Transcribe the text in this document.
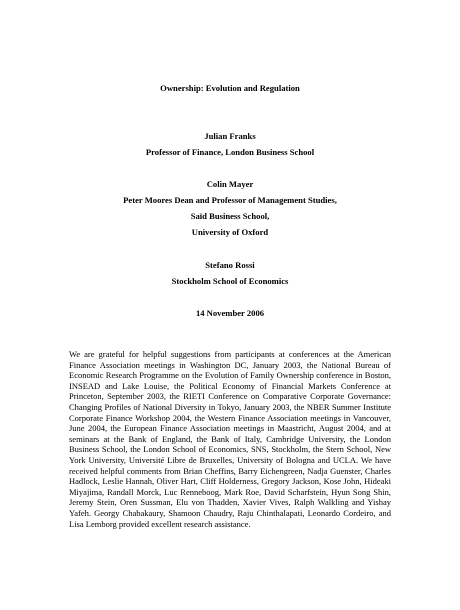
Ownership: Evolution and Regulation
Julian Franks
Professor of Finance, London Business School
Colin Mayer
Peter Moores Dean and Professor of Management Studies,
Saïd Business School,
University of Oxford
Stefano Rossi
Stockholm School of Economics
14 November 2006
We are grateful for helpful suggestions from participants at conferences at the American Finance Association meetings in Washington DC, January 2003, the National Bureau of Economic Research Programme on the Evolution of Family Ownership conference in Boston, INSEAD and Lake Louise, the Political Economy of Financial Markets Conference at Princeton, September 2003, the RIETI Conference on Comparative Corporate Governance: Changing Profiles of National Diversity in Tokyo, January 2003, the NBER Summer Institute Corporate Finance Workshop 2004, the Western Finance Association meetings in Vancouver, June 2004, the European Finance Association meetings in Maastricht, August 2004, and at seminars at the Bank of England, the Bank of Italy, Cambridge University, the London Business School, the London School of Economics, SNS, Stockholm, the Stern School, New York University, Université Libre de Bruxelles, University of Bologna and UCLA. We have received helpful comments from Brian Cheffins, Barry Eichengreen, Nadja Guenster, Charles Hadlock, Leslie Hannah, Oliver Hart, Cliff Holderness, Gregory Jackson, Kose John, Hideaki Miyajima, Randall Morck, Luc Renneboog, Mark Roe, David Scharfstein, Hyun Song Shin, Jeremy Stein, Oren Sussman, Elu von Thadden, Xavier Vives, Ralph Walkling and Yishay Yafeh. Georgy Chabakaury, Shamoon Chaudry, Raju Chinthalapati, Leonardo Cordeiro, and Lisa Lemborg provided excellent research assistance.
